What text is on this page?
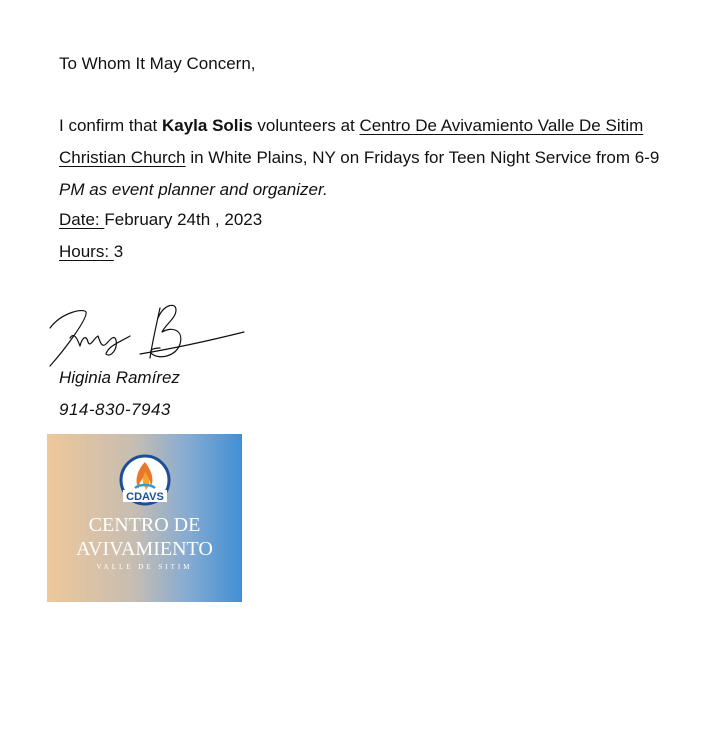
To Whom It May Concern,
I confirm that Kayla Solis volunteers at Centro De Avivamiento Valle De Sitim
Christian Church in White Plains, NY on Fridays for Teen Night Service from 6-9
PM as event planner and organizer.
Date: February 24th , 2023
Hours: 3
Higinia Ramírez
914-830-7943
CDAVS
CENTRO DE
AVIVAMIENTO
VALLE DE SITIM
